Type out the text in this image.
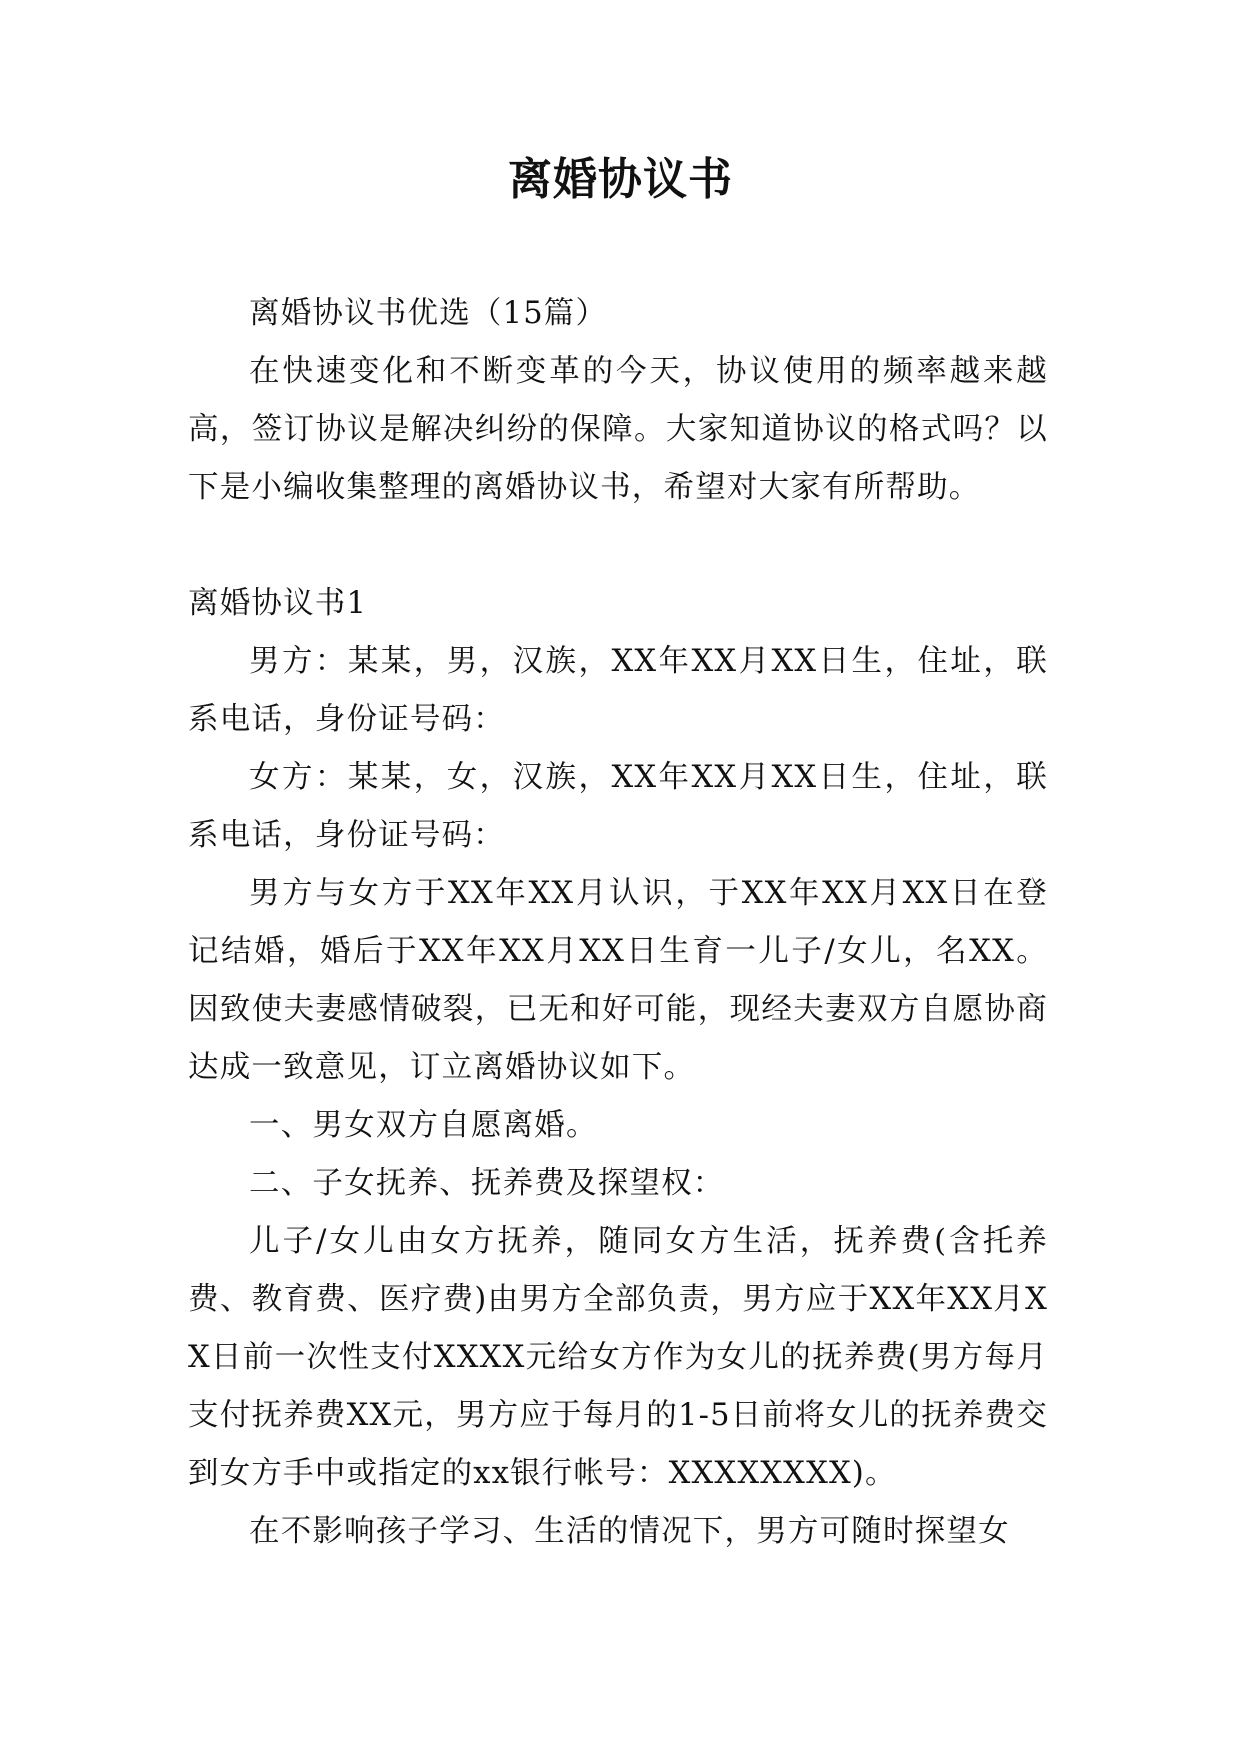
离婚协议书

离婚协议书优选（15篇）

在快速变化和不断变革的今天，协议使用的频率越来越高，签订协议是解决纠纷的保障。大家知道协议的格式吗？以下是小编收集整理的离婚协议书，希望对大家有所帮助。

离婚协议书1

男方：某某，男，汉族，XX年XX月XX日生，住址，联系电话，身份证号码：

女方：某某，女，汉族，XX年XX月XX日生，住址，联系电话，身份证号码：

男方与女方于XX年XX月认识，于XX年XX月XX日在登记结婚，婚后于XX年XX月XX日生育一儿子/女儿，名XX。因致使夫妻感情破裂，已无和好可能，现经夫妻双方自愿协商达成一致意见，订立离婚协议如下。

一、男女双方自愿离婚。

二、子女抚养、抚养费及探望权：

儿子/女儿由女方抚养，随同女方生活，抚养费(含托养费、教育费、医疗费)由男方全部负责，男方应于XX年XX月XX日前一次性支付XXXX元给女方作为女儿的抚养费(男方每月支付抚养费XX元，男方应于每月的1-5日前将女儿的抚养费交到女方手中或指定的xx银行帐号：XXXXXXXX)。

在不影响孩子学习、生活的情况下，男方可随时探望女
